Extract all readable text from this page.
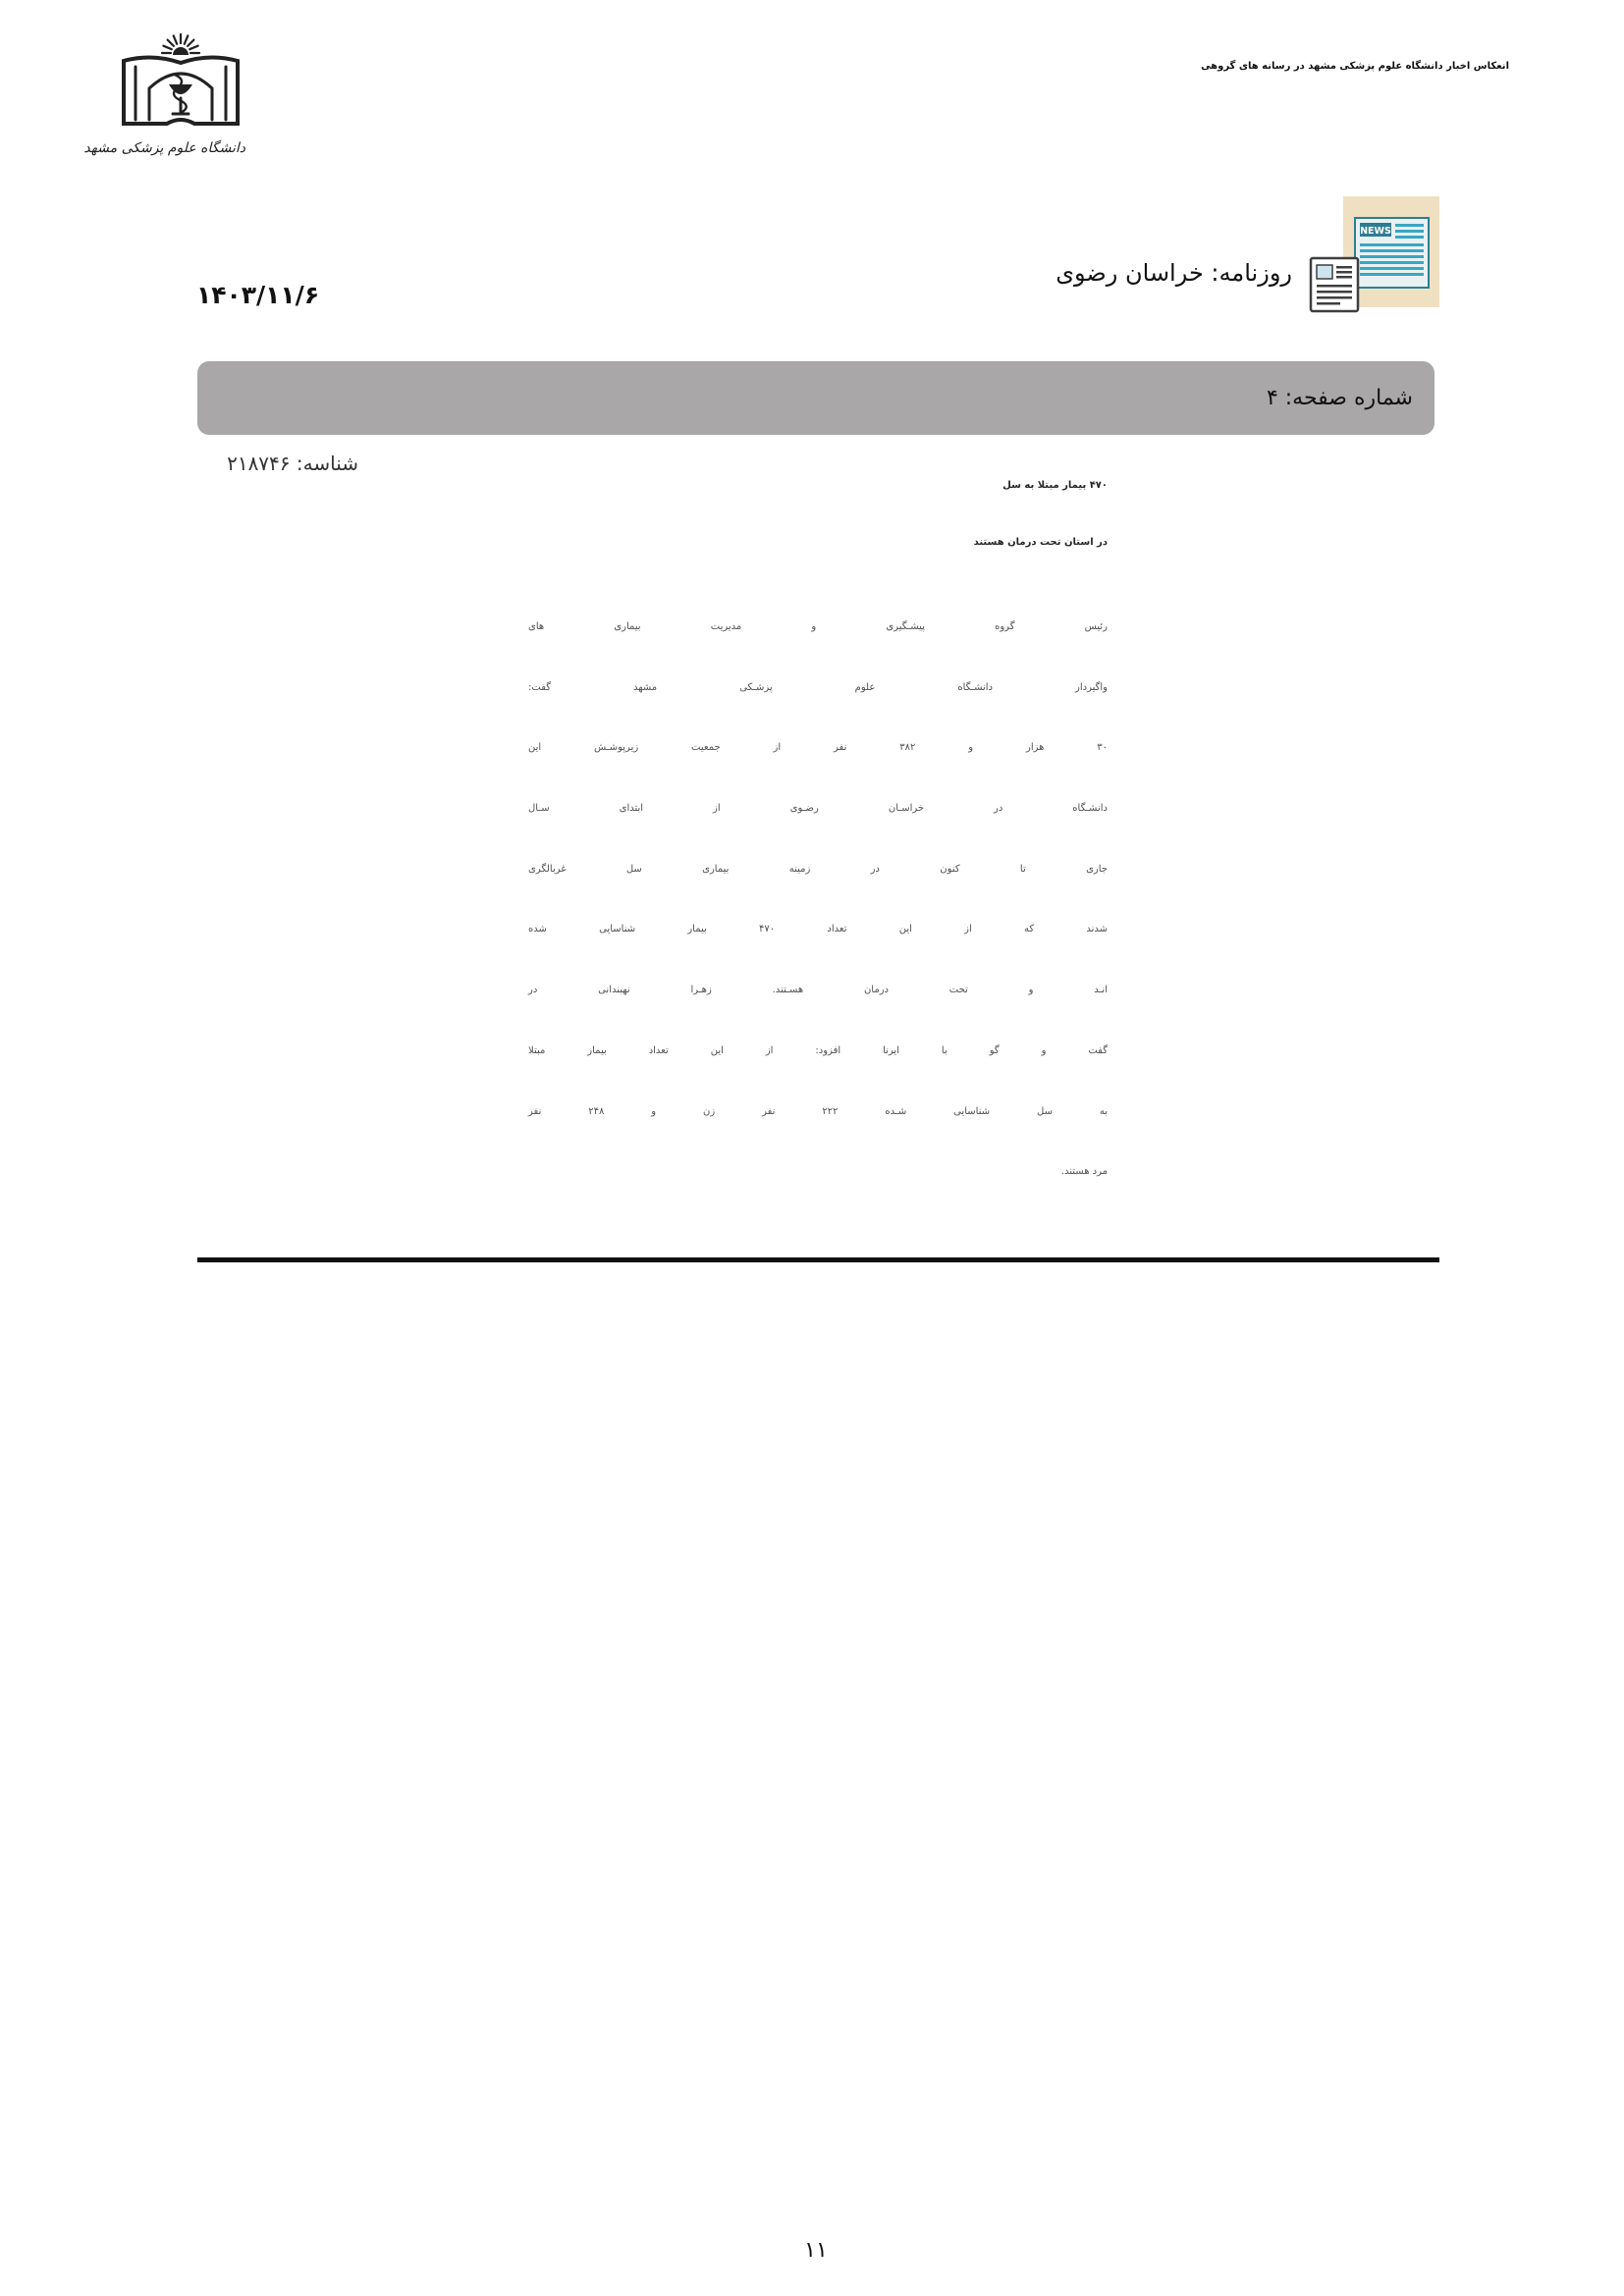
انعکاس اخبار دانشگاه علوم پزشکی مشهد در رسانه های گروهی
دانشگاه علوم پزشکی مشهد
NEWS
روزنامه: خراسان رضوی
۱۴۰۳/۱۱/۶
شماره صفحه: ۴
شناسه: ۲۱۸۷۴۶
۴۷۰ بیمار مبتلا به سل
در استان تحت درمان هستند
رئیس گروه پیشـگیری و مدیریت بیماری های
واگیردار دانشـگاه علوم پزشـکی مشهد گفت:
۳۰ هزار و ۳۸۲ نفر از جمعیت زیرپوشـش این
دانشـگاه در خراسـان رضـوی از ابتدای سـال
جاری تا کنون در زمینه بیماری سل غربالگری
شدند که از این تعداد ۴۷۰ بیمار شناسایی شده
انـد و تحت درمان هسـتند. زهـرا نهبندانی در
گفت و گو با ایرنا افزود: از این تعداد بیمار مبتلا
به سل شناسایی شـده ۲۲۲ نفر زن و ۲۴۸ نفر
مرد هستند.
۱۱
